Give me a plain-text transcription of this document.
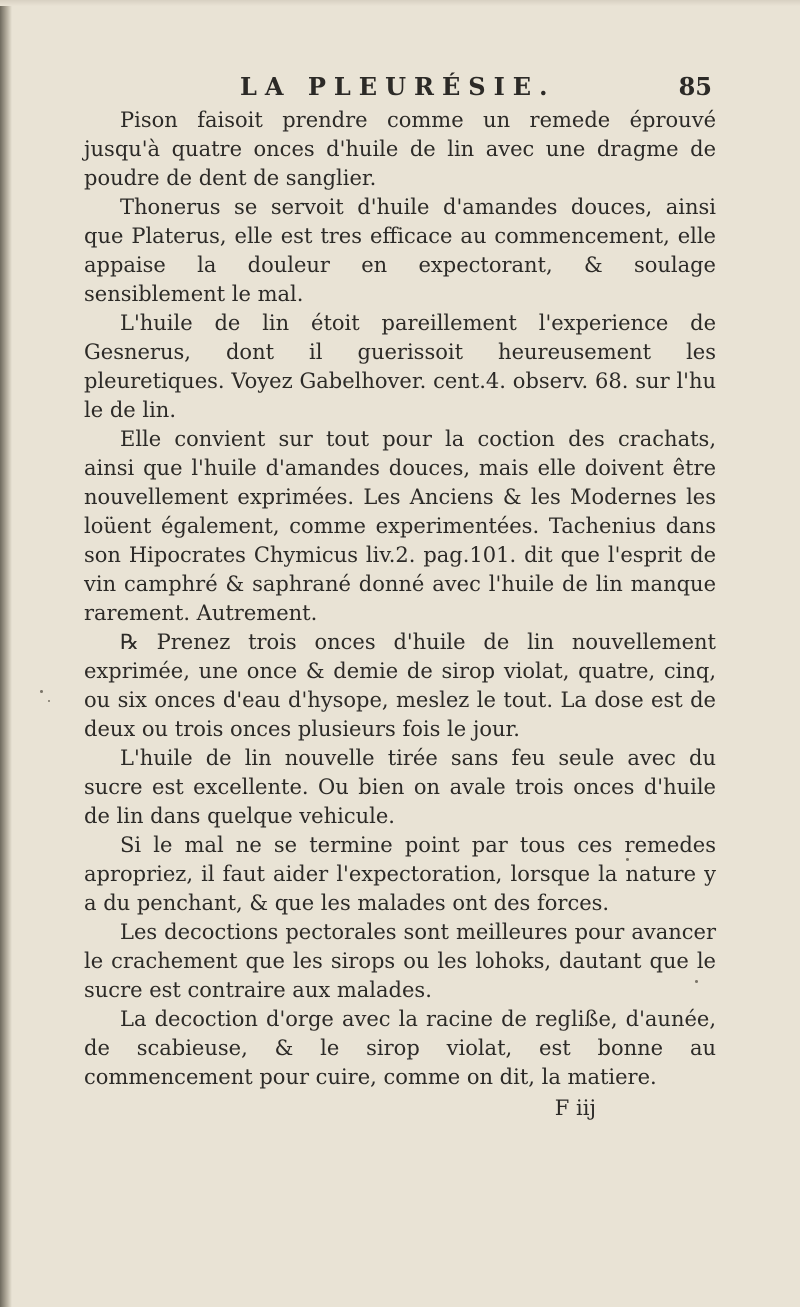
LA PLEURÉSIE.	85

Pison faisoit prendre comme un remede éprouvé jusqu'à quatre onces d'huile de lin avec une dragme de poudre de dent de sanglier.

Thonerus se servoit d'huile d'amandes douces, ainsi que Platerus, elle est tres efficace au commencement, elle appaise la douleur en expectorant, & soulage sensiblement le mal.

L'huile de lin étoit pareillement l'experience de Gesnerus, dont il guerissoit heureusement les pleuretiques. Voyez Gabelhover. cent.4. observ. 68. sur l'hu le de lin.

Elle convient sur tout pour la coction des crachats, ainsi que l'huile d'amandes douces, mais elle doivent être nouvellement exprimées. Les Anciens & les Modernes les loüent également, comme experimentées. Tachenius dans son Hipocrates Chymicus liv.2. pag.101. dit que l'esprit de vin camphré & saphrané donné avec l'huile de lin manque rarement. Autrement.

℞ Prenez trois onces d'huile de lin nouvellement exprimée, une once & demie de sirop violat, quatre, cinq, ou six onces d'eau d'hysope, meslez le tout. La dose est de deux ou trois onces plusieurs fois le jour.

L'huile de lin nouvelle tirée sans feu seule avec du sucre est excellente. Ou bien on avale trois onces d'huile de lin dans quelque vehicule.

Si le mal ne se termine point par tous ces remedes apropriez, il faut aider l'expectoration, lorsque la nature y a du penchant, & que les malades ont des forces.

Les decoctions pectorales sont meilleures pour avancer le crachement que les sirops ou les lohoks, dautant que le sucre est contraire aux malades.

La decoction d'orge avec la racine de regliße, d'aunée, de scabieuse, & le sirop violat, est bonne au commencement pour cuire, comme on dit, la matiere.

F iij
